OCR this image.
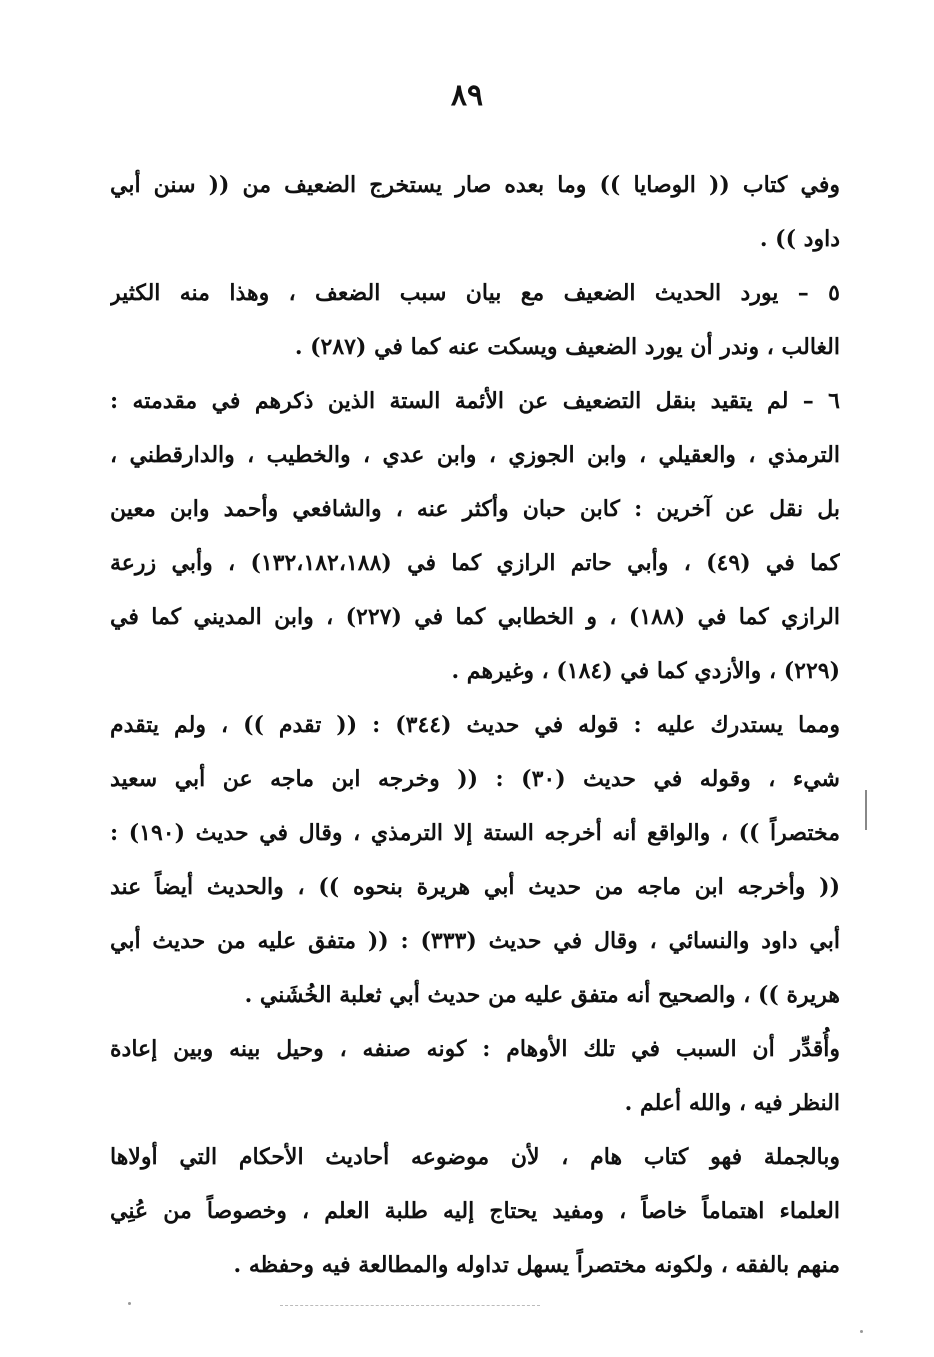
٨٩
وفي كتاب (( الوصايا )) وما بعده صار يستخرج الضعيف من (( سنن أبي
داود )) .
٥ – يورد الحديث الضعيف مع بيان سبب الضعف ، وهذا منه الكثير
الغالب ، وندر أن يورد الضعيف ويسكت عنه كما في (٢٨٧) .
٦ – لم يتقيد بنقل التضعيف عن الأئمة الستة الذين ذكرهم في مقدمته :
الترمذي ، والعقيلي ، وابن الجوزي ، وابن عدي ، والخطيب ، والدارقطني ،
بل نقل عن آخرين : كابن حبان وأكثر عنه ، والشافعي وأحمد وابن معين
كما في (٤٩) ، وأبي حاتم الرازي كما في (١٣٢،١٨٢،١٨٨) ، وأبي زرعة
الرازي كما في (١٨٨) ، و الخطابي كما في (٢٢٧) ، وابن المديني كما في
(٢٢٩) ، والأزدي كما في (١٨٤) ، وغيرهم .
ومما يستدرك عليه : قوله في حديث (٣٤٤) : (( تقدم )) ، ولم يتقدم
شيء ، وقوله في حديث (٣٠) : (( وخرجه ابن ماجه عن أبي سعيد
مختصراً )) ، والواقع أنه أخرجه الستة إلا الترمذي ، وقال في حديث (١٩٠) :
(( وأخرجه ابن ماجه من حديث أبي هريرة بنحوه )) ، والحديث أيضاً عند
أبي داود والنسائي ، وقال في حديث (٣٣٣) : (( متفق عليه من حديث أبي
هريرة )) ، والصحيح أنه متفق عليه من حديث أبي ثعلبة الخُشَني .
وأُقدِّر أن السبب في تلك الأوهام : كونه صنفه ، وحيل بينه وبين إعادة
النظر فيه ، والله أعلم .
وبالجملة فهو كتاب هام ، لأن موضوعه أحاديث الأحكام التي أولاها
العلماء اهتماماً خاصاً ، ومفيد يحتاج إليه طلبة العلم ، وخصوصاً من عُنِي
منهم بالفقه ، ولكونه مختصراً يسهل تداوله والمطالعة فيه وحفظه .
